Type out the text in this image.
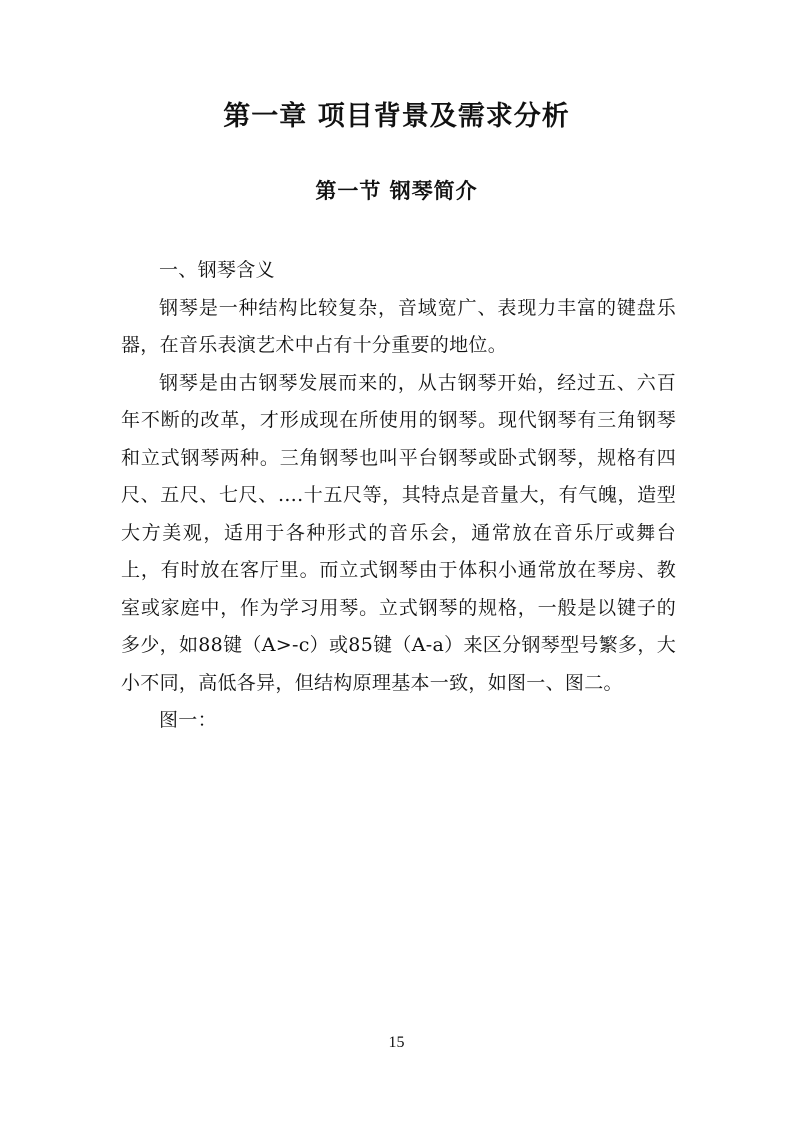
第一章 项目背景及需求分析
第一节 钢琴简介

一、钢琴含义

钢琴是一种结构比较复杂，音域宽广、表现力丰富的键盘乐器，在音乐表演艺术中占有十分重要的地位。

钢琴是由古钢琴发展而来的，从古钢琴开始，经过五、六百年不断的改革，才形成现在所使用的钢琴。现代钢琴有三角钢琴和立式钢琴两种。三角钢琴也叫平台钢琴或卧式钢琴，规格有四尺、五尺、七尺、….十五尺等，其特点是音量大，有气魄，造型大方美观，适用于各种形式的音乐会，通常放在音乐厅或舞台上，有时放在客厅里。而立式钢琴由于体积小通常放在琴房、教室或家庭中，作为学习用琴。立式钢琴的规格，一般是以键子的多少，如88键（A>-c）或85键（A-a）来区分钢琴型号繁多，大小不同，高低各异，但结构原理基本一致，如图一、图二。

图一：

15
